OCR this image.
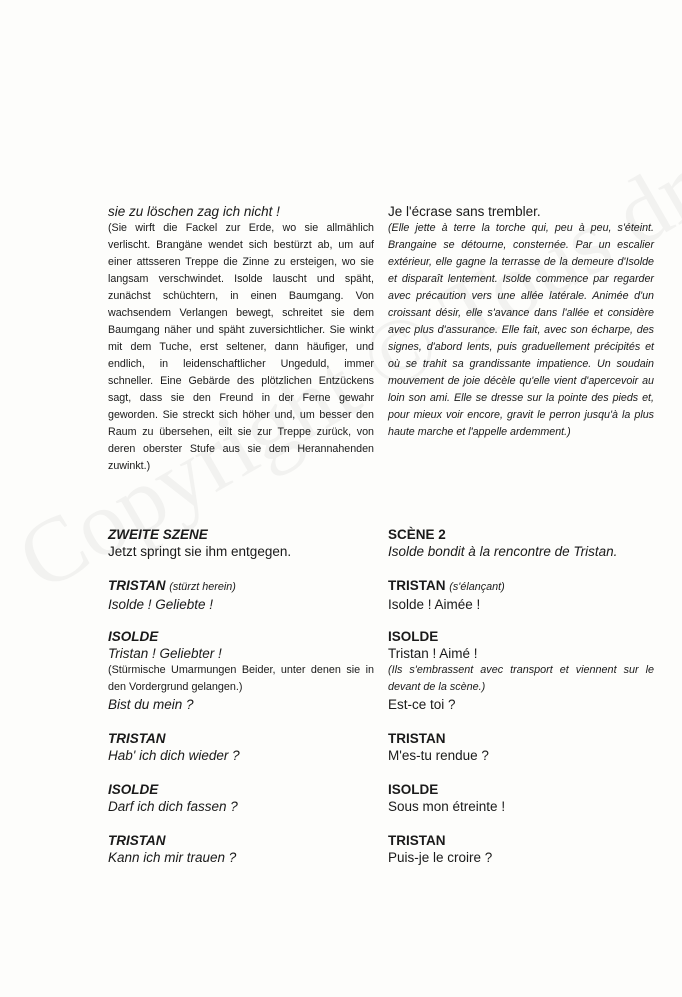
sie zu löschen zag ich nicht !

(Sie wirft die Fackel zur Erde, wo sie allmählich verlischt. Brangäne wendet sich bestürzt ab, um auf einer attsseren Treppe die Zinne zu ersteigen, wo sie langsam verschwindet. Isolde lauscht und späht, zunächst schüchtern, in einen Baumgang. Von wachsendem Verlangen bewegt, schreitet sie dem Baumgang näher und späht zuversichtlicher. Sie winkt mit dem Tuche, erst seltener, dann häufiger, und endlich, in leidenschaftlicher Ungeduld, immer schneller. Eine Gebärde des plötzlichen Entzückens sagt, dass sie den Freund in der Ferne gewahr geworden. Sie streckt sich höher und, um besser den Raum zu übersehen, eilt sie zur Treppe zurück, von deren oberster Stufe aus sie dem Herannahenden zuwinkt.)

ZWEITE SZENE
Jetzt springt sie ihm entgegen.
TRISTAN (stürzt herein)
Isolde ! Geliebte !
ISOLDE
Tristan ! Geliebter !
(Stürmische Umarmungen Beider, unter denen sie in den Vordergrund gelangen.)
Bist du mein ?
TRISTAN
Hab' ich dich wieder ?
ISOLDE
Darf ich dich fassen ?
TRISTAN
Kann ich mir trauen ?
Je l'écrase sans trembler.

(Elle jette à terre la torche qui, peu à peu, s'éteint. Brangaine se détourne, consternée. Par un escalier extérieur, elle gagne la terrasse de la demeure d'Isolde et disparaît lentement. Isolde commence par regarder avec précaution vers une allée latérale. Animée d'un croissant désir, elle s'avance dans l'allée et considère avec plus d'assurance. Elle fait, avec son écharpe, des signes, d'abord lents, puis graduellement précipités et où se trahit sa grandissante impatience. Un soudain mouvement de joie décèle qu'elle vient d'apercevoir au loin son ami. Elle se dresse sur la pointe des pieds et, pour mieux voir encore, gravit le perron jusqu'à la plus haute marche et l'appelle ardemment.)

SCÈNE 2
Isolde bondit à la rencontre de Tristan.
TRISTAN (s'élançant)
Isolde ! Aimée !
ISOLDE
Tristan ! Aimé !
(Ils s'embrassent avec transport et viennent sur le devant de la scène.)
Est-ce toi ?
TRISTAN
M'es-tu rendue ?
ISOLDE
Sous mon étreinte !
TRISTAN
Puis-je le croire ?
